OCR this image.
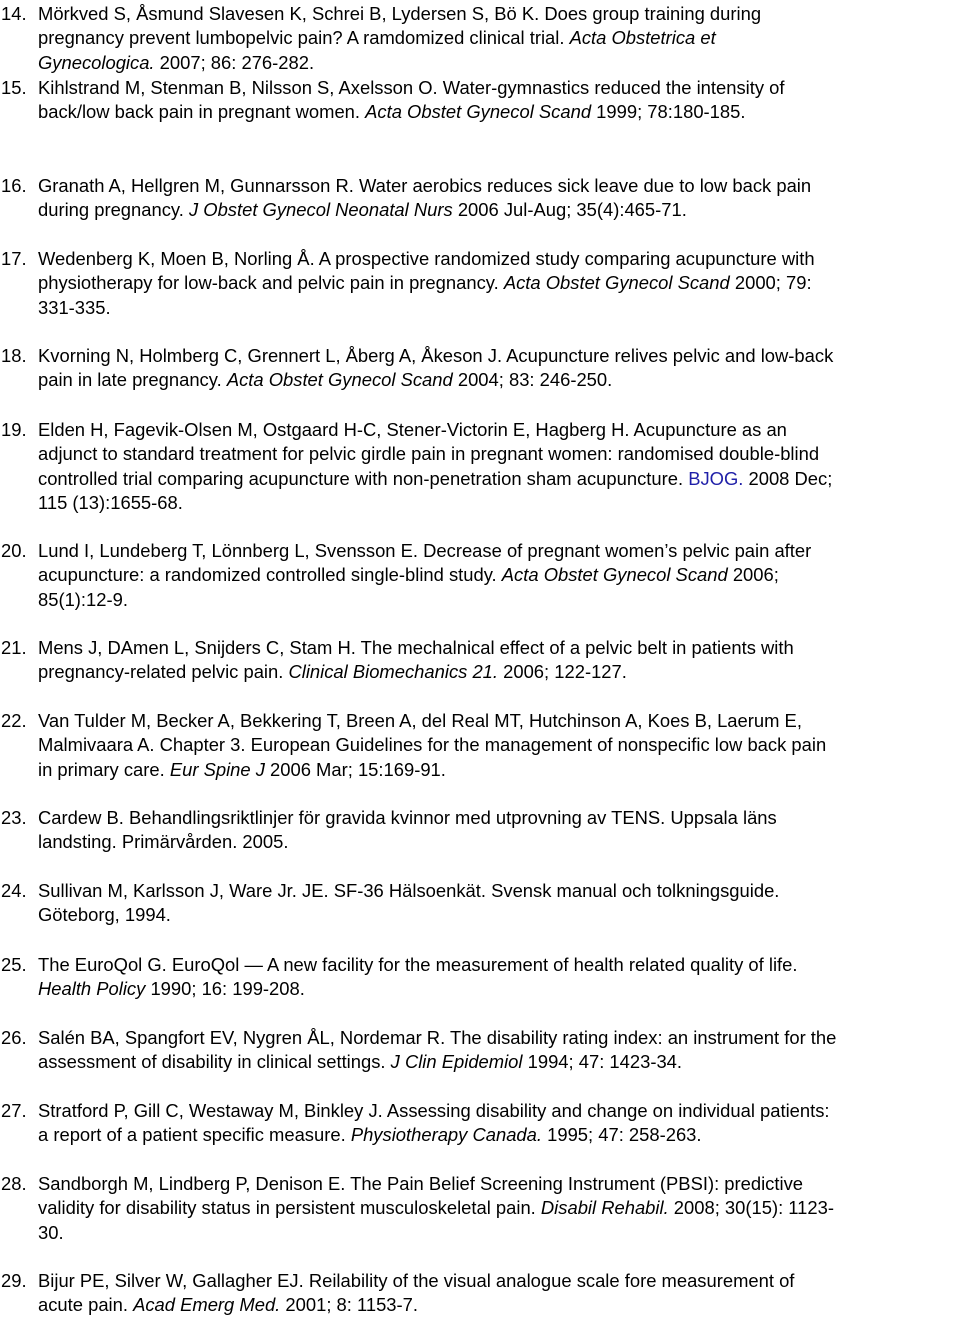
14. Mörkved S, Åsmund Slavesen K, Schrei B, Lydersen S, Bö K. Does group training during
pregnancy prevent lumbopelvic pain? A ramdomized clinical trial. Acta Obstetrica et
Gynecologica. 2007; 86: 276-282.
15. Kihlstrand M, Stenman B, Nilsson S, Axelsson O. Water-gymnastics reduced the intensity of
back/low back pain in pregnant women. Acta Obstet Gynecol Scand 1999; 78:180-185.
16. Granath A, Hellgren M, Gunnarsson R. Water aerobics reduces sick leave due to low back pain
during pregnancy. J Obstet Gynecol Neonatal Nurs 2006 Jul-Aug; 35(4):465-71.
17. Wedenberg K, Moen B, Norling Å. A prospective randomized study comparing acupuncture with
physiotherapy for low-back and pelvic pain in pregnancy. Acta Obstet Gynecol Scand 2000; 79:
331-335.
18. Kvorning N, Holmberg C, Grennert L, Åberg A, Åkeson J. Acupuncture relives pelvic and low-back
pain in late pregnancy. Acta Obstet Gynecol Scand 2004; 83: 246-250.
19. Elden H, Fagevik-Olsen M, Ostgaard H-C, Stener-Victorin E, Hagberg H. Acupuncture as an
adjunct to standard treatment for pelvic girdle pain in pregnant women: randomised double-blind
controlled trial comparing acupuncture with non-penetration sham acupuncture. BJOG. 2008 Dec;
115 (13):1655-68.
20. Lund I, Lundeberg T, Lönnberg L, Svensson E. Decrease of pregnant women’s pelvic pain after
acupuncture: a randomized controlled single-blind study. Acta Obstet Gynecol Scand 2006;
85(1):12-9.
21. Mens J, DAmen L, Snijders C, Stam H. The mechalnical effect of a pelvic belt in patients with
pregnancy-related pelvic pain. Clinical Biomechanics 21. 2006; 122-127.
22. Van Tulder M, Becker A, Bekkering T, Breen A, del Real MT, Hutchinson A, Koes B, Laerum E,
Malmivaara A. Chapter 3. European Guidelines for the management of nonspecific low back pain
in primary care. Eur Spine J 2006 Mar; 15:169-91.
23. Cardew B. Behandlingsriktlinjer för gravida kvinnor med utprovning av TENS. Uppsala läns
landsting. Primärvården. 2005.
24. Sullivan M, Karlsson J, Ware Jr. JE. SF-36 Hälsoenkät. Svensk manual och tolkningsguide.
Göteborg, 1994.
25. The EuroQol G. EuroQol — A new facility for the measurement of health related quality of life.
Health Policy 1990; 16: 199-208.
26. Salén BA, Spangfort EV, Nygren ÅL, Nordemar R. The disability rating index: an instrument for the
assessment of disability in clinical settings. J Clin Epidemiol 1994; 47: 1423-34.
27. Stratford P, Gill C, Westaway M, Binkley J. Assessing disability and change on individual patients:
a report of a patient specific measure. Physiotherapy Canada. 1995; 47: 258-263.
28. Sandborgh M, Lindberg P, Denison E. The Pain Belief Screening Instrument (PBSI): predictive
validity for disability status in persistent musculoskeletal pain. Disabil Rehabil. 2008; 30(15): 1123-
30.
29. Bijur PE, Silver W, Gallagher EJ. Reilability of the visual analogue scale fore measurement of
acute pain. Acad Emerg Med. 2001; 8: 1153-7.
